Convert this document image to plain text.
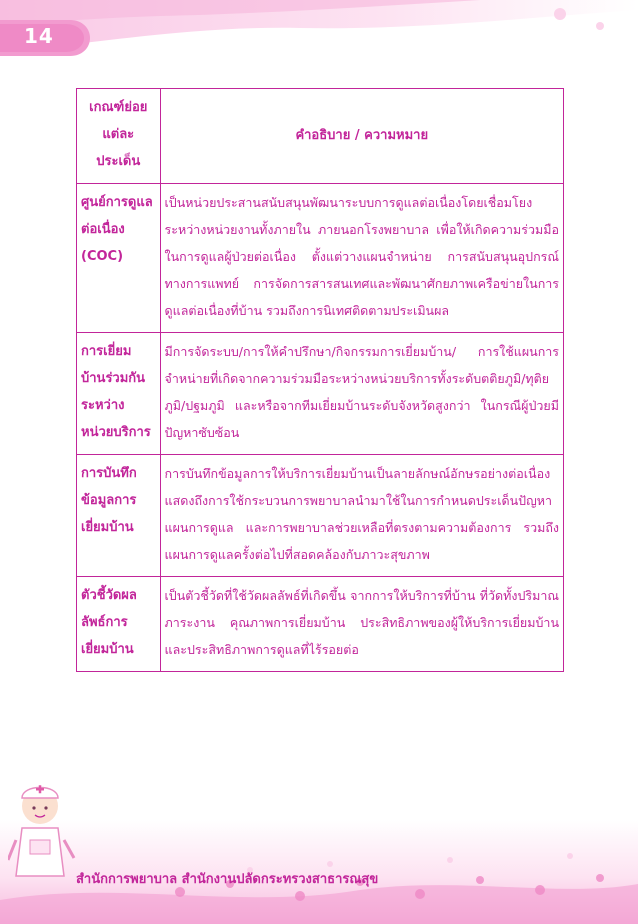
14
เกณฑ์ย่อย แต่ละ ประเด็น	คำอธิบาย / ความหมาย
ศูนย์การดูแลต่อเนื่อง (COC)	เป็นหน่วยประสานสนับสนุนพัฒนาระบบการดูแลต่อเนื่องโดยเชื่อมโยงระหว่างหน่วยงานทั้งภายใน ภายนอกโรงพยาบาล เพื่อให้เกิดความร่วมมือในการดูแลผู้ป่วยต่อเนื่อง ตั้งแต่วางแผนจำหน่าย การสนับสนุนอุปกรณ์ทางการแพทย์ การจัดการสารสนเทศและพัฒนาศักยภาพเครือข่ายในการดูแลต่อเนื่องที่บ้าน รวมถึงการนิเทศติดตามประเมินผล
การเยี่ยมบ้านร่วมกันระหว่างหน่วยบริการ	มีการจัดระบบ/การให้คำปรึกษา/กิจกรรมการเยี่ยมบ้าน/ การใช้แผนการจำหน่ายที่เกิดจากความร่วมมือระหว่างหน่วยบริการทั้งระดับตติยภูมิ/ทุติยภูมิ/ปฐมภูมิ และหรือจากทีมเยี่ยมบ้านระดับจังหวัดสูงกว่า ในกรณีผู้ป่วยมีปัญหาซับซ้อน
การบันทึกข้อมูลการเยี่ยมบ้าน	การบันทึกข้อมูลการให้บริการเยี่ยมบ้านเป็นลายลักษณ์อักษรอย่างต่อเนื่อง แสดงถึงการใช้กระบวนการพยาบาลนำมาใช้ในการกำหนดประเด็นปัญหา แผนการดูแล และการพยาบาลช่วยเหลือที่ตรงตามความต้องการ รวมถึงแผนการดูแลครั้งต่อไปที่สอดคล้องกับภาวะสุขภาพ
ตัวชี้วัดผลลัพธ์การเยี่ยมบ้าน	เป็นตัวชี้วัดที่ใช้วัดผลลัพธ์ที่เกิดขึ้น จากการให้บริการที่บ้าน ที่วัดทั้งปริมาณภาระงาน คุณภาพการเยี่ยมบ้าน ประสิทธิภาพของผู้ให้บริการเยี่ยมบ้าน และประสิทธิภาพการดูแลที่ไร้รอยต่อ
สำนักการพยาบาล สำนักงานปลัดกระทรวงสาธารณสุข
